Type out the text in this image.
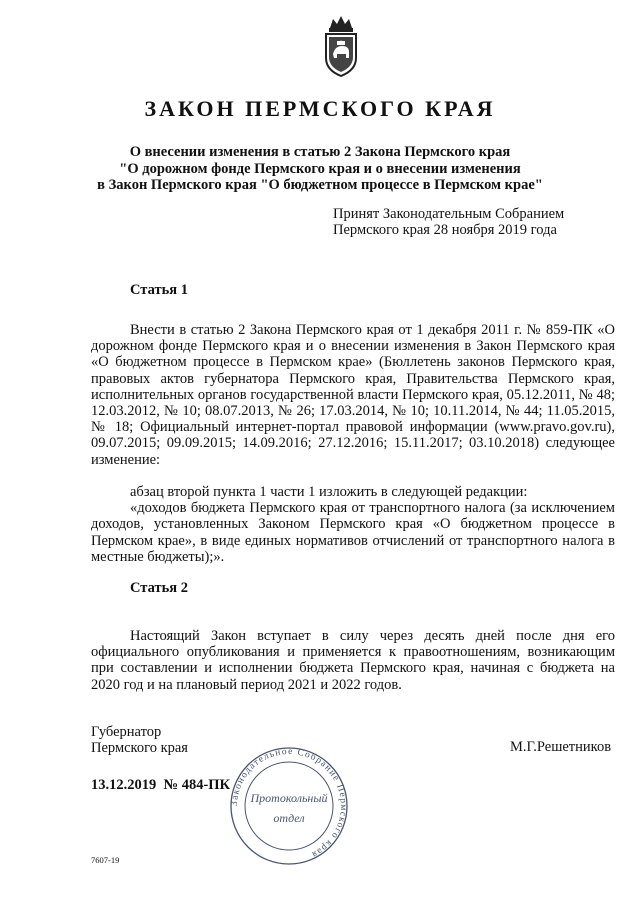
ЗАКОН ПЕРМСКОГО КРАЯ
О внесении изменения в статью 2 Закона Пермского края
"О дорожном фонде Пермского края и о внесении изменения
в Закон Пермского края "О бюджетном процессе в Пермском крае"
Принят Законодательным Собранием
Пермского края 28 ноября 2019 года
Статья 1
Внести в статью 2 Закона Пермского края от 1 декабря 2011 г. № 859-ПК «О дорожном фонде Пермского края и о внесении изменения в Закон Пермского края «О бюджетном процессе в Пермском крае» (Бюллетень законов Пермского края, правовых актов губернатора Пермского края, Правительства Пермского края, исполнительных органов государственной власти Пермского края, 05.12.2011, № 48; 12.03.2012, № 10; 08.07.2013, № 26; 17.03.2014, № 10; 10.11.2014, № 44; 11.05.2015, № 18; Официальный интернет-портал правовой информации (www.pravo.gov.ru), 09.07.2015; 09.09.2015; 14.09.2016; 27.12.2016; 15.11.2017; 03.10.2018) следующее изменение:
абзац второй пункта 1 части 1 изложить в следующей редакции:
«доходов бюджета Пермского края от транспортного налога (за исключением доходов, установленных Законом Пермского края «О бюджетном процессе в Пермском крае», в виде единых нормативов отчислений от транспортного налога в местные бюджеты);».
Статья 2
Настоящий Закон вступает в силу через десять дней после дня его официального опубликования и применяется к правоотношениям, возникающим при составлении и исполнении бюджета Пермского края, начиная с бюджета на 2020 год и на плановый период 2021 и 2022 годов.
Губернатор
Пермского края	М.Г.Решетников
13.12.2019  № 484-ПК
Законодательное Собрание Пермского края
Протокольный
отдел
7607-19
